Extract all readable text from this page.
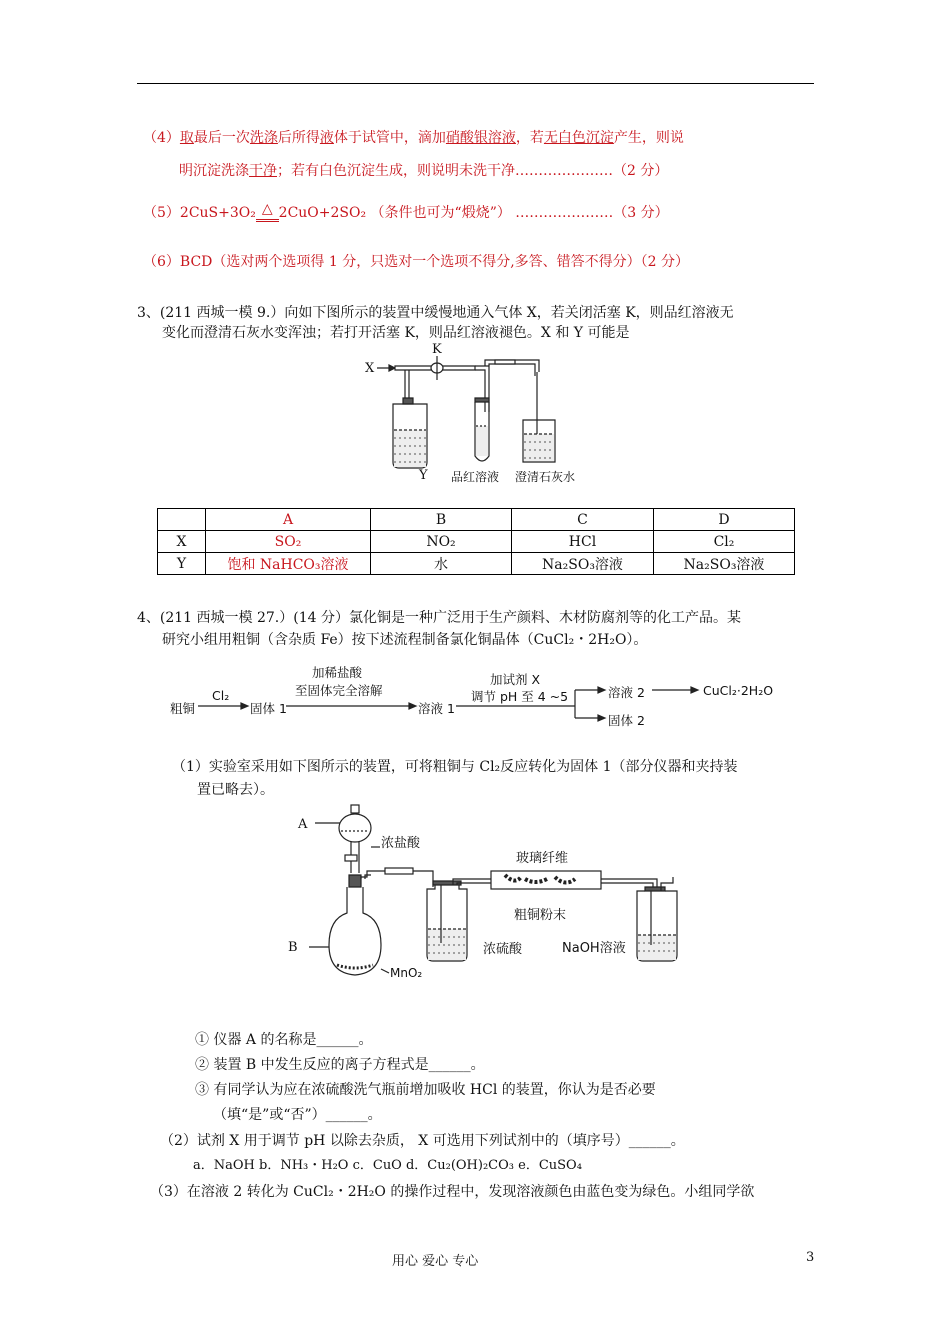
（4）取最后一次洗涤后所得液体于试管中，滴加硝酸银溶液，若无白色沉淀产生，则说
明沉淀洗涤干净；若有白色沉淀生成，则说明未洗干净…………………（2 分）
（5）2CuS+3O₂ △ 2CuO+2SO₂ （条件也可为“煅烧”） …………………（3 分）
（6）BCD（选对两个选项得 1 分，只选对一个选项不得分,多答、错答不得分）（2 分）
3、(211 西城一模 9.）向如下图所示的装置中缓慢地通入气体 X，若关闭活塞 K，则品红溶液无
变化而澄清石灰水变浑浊；若打开活塞 K，则品红溶液褪色。X 和 Y 可能是
X
K
Y 品红溶液 澄清石灰水
	A	B	C	D
X	SO₂	NO₂	HCl	Cl₂
Y	饱和 NaHCO₃溶液	水	Na₂SO₃溶液	Na₂SO₃溶液
4、(211 西城一模 27.）(14 分）氯化铜是一种广泛用于生产颜料、木材防腐剂等的化工产品。某
研究小组用粗铜（含杂质 Fe）按下述流程制备氯化铜晶体（CuCl₂・2H₂O）。
粗铜
Cl₂
固体 1
加稀盐酸
至固体完全溶解
溶液 1
加试剂 X
调节 pH 至 4 ~5	溶液 2	CuCl₂·2H₂O
固体 2
（1）实验室采用如下图所示的装置，可将粗铜与 Cl₂反应转化为固体 1（部分仪器和夹持装
置已略去）。
A
B
浓盐酸
MnO₂
浓硫酸
玻璃纤维
粗铜粉末
NaOH溶液
① 仪器 A 的名称是______。
② 装置 B 中发生反应的离子方程式是______。
③ 有同学认为应在浓硫酸洗气瓶前增加吸收 HCl 的装置，你认为是否必要
（填“是”或“否”）______。
（2）试剂 X 用于调节 pH 以除去杂质， X 可选用下列试剂中的（填序号）______。
a．NaOH b．NH₃・H₂O c．CuO d．Cu₂(OH)₂CO₃ e．CuSO₄
（3）在溶液 2 转化为 CuCl₂・2H₂O 的操作过程中，发现溶液颜色由蓝色变为绿色。小组同学欲
用心 爱心 专心	3
